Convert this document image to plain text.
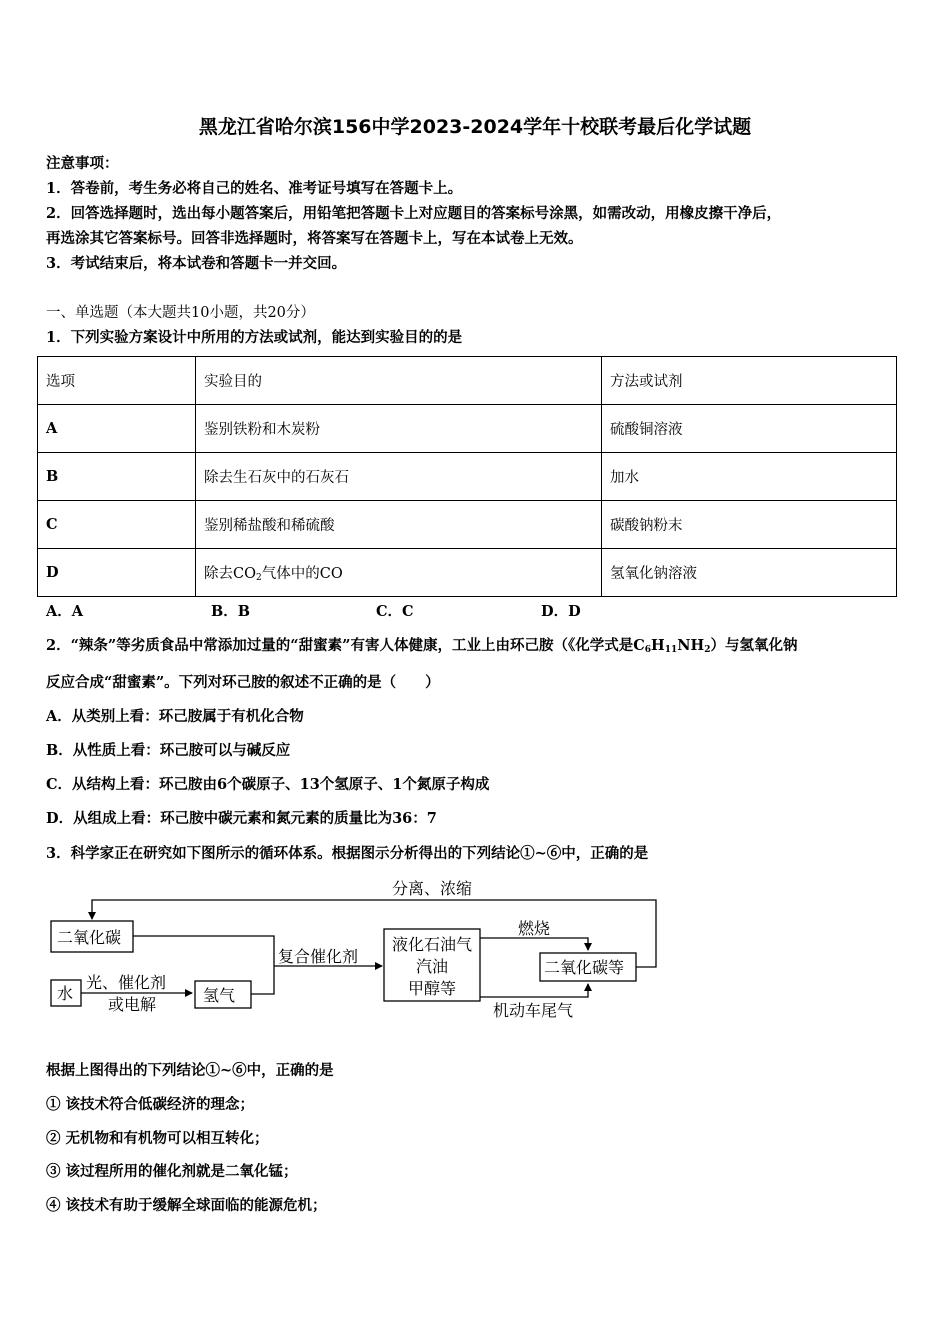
黑龙江省哈尔滨156中学2023-2024学年十校联考最后化学试题
注意事项：
1．答卷前，考生务必将自己的姓名、准考证号填写在答题卡上。
2．回答选择题时，选出每小题答案后，用铅笔把答题卡上对应题目的答案标号涂黑，如需改动，用橡皮擦干净后，
再选涂其它答案标号。回答非选择题时，将答案写在答题卡上，写在本试卷上无效。
3．考试结束后，将本试卷和答题卡一并交回。
一、单选题（本大题共10小题，共20分）
1．下列实验方案设计中所用的方法或试剂，能达到实验目的的是
选项	实验目的	方法或试剂
A	鉴别铁粉和木炭粉	硫酸铜溶液
B	除去生石灰中的石灰石	加水
C	鉴别稀盐酸和稀硫酸	碳酸钠粉末
D	除去$CO_2$气体中的CO	氢氧化钠溶液
A．A	B．B	C．C	D．D
2．“辣条”等劣质食品中常添加过量的“甜蜜素”有害人体健康，工业上由环己胺（《化学式是$C_6H_{11}NH_2$）与氢氧化钠
反应合成“甜蜜素”。下列对环己胺的叙述不正确的是（　　）
A．从类别上看：环己胺属于有机化合物
B．从性质上看：环己胺可以与碱反应
C．从结构上看：环己胺由6个碳原子、13个氢原子、1个氮原子构成
D．从组成上看：环己胺中碳元素和氮元素的质量比为36：7
3．科学家正在研究如下图所示的循环体系。根据图示分析得出的下列结论①~⑥中，正确的是
分离、浓缩
二氧化碳
水
光、催化剂
或电解	氢气
复合催化剂
液化石油气
汽油
甲醇等
燃烧
二氧化碳等
机动车尾气
根据上图得出的下列结论①~⑥中，正确的是
① 该技术符合低碳经济的理念；
② 无机物和有机物可以相互转化；
③ 该过程所用的催化剂就是二氧化锰；
④ 该技术有助于缓解全球面临的能源危机；
